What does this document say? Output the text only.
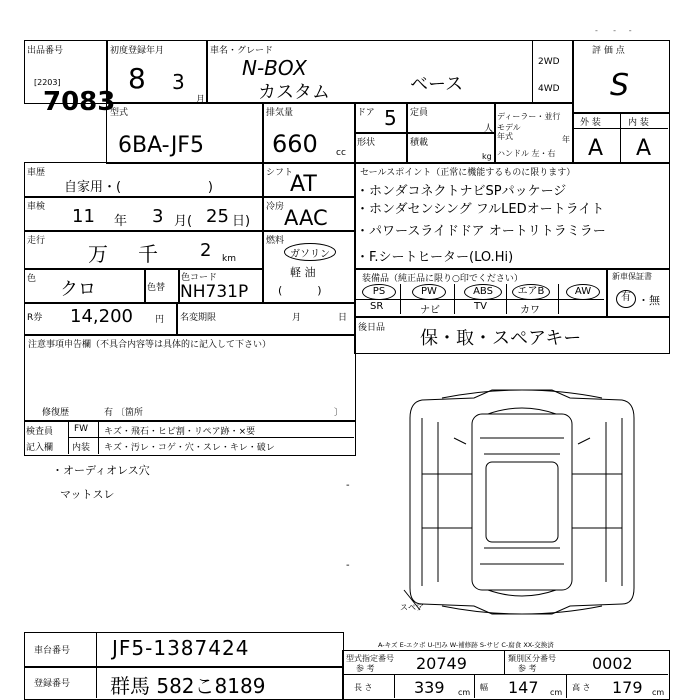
出品番号
[2203]
7083
初度登録年月
8 3
月
車名・グレード
N-BOX
カスタム	ベース
2WD
4WD
評 価 点
S
-      -     -
型式
6BA-JF5
排気量
660 cc
ドア 5
形状
定員
人
積載
kg
ディーラー・並行
モデル
年式	年
ハンドル 左・右
外 装	内 装
A A
車歴
自家用・(                     )
シフト
AT
車検 11 年 3 月( 25 日)
冷房 AAC
走行
万 千 2 km
燃料
ガソリン
軽 油
(          )
色 クロ	色替
色コード
NH731P
R券 14,200 円 名変期限	月	日
セールスポイント（正常に機能するものに限ります）
・ホンダコネクトナビSPパッケージ
・ホンダセンシング フルLEDオートライト
・パワースライドドア オートリトラミラー
・F.シートヒーター(LO.Hi)
装備品（純正品に限り○印でください）
PS	PW	ABS	エアB	AW
SR	ナビ	TV	カワ
新車保証書
有 ・無
後日品 保・取・スペアキー
注意事項申告欄（不具合内容等は具体的に記入して下さい）
修復歴	有 〔箇所	〕
検査員
記入欄
FW キズ・飛石・ヒビ割・リペア跡・×要
内装 キズ・汚レ・コゲ・穴・スレ・キレ・破レ
・オーディオレス穴
マットスレ
-
-
スペア
車台番号 JF5-1387424
登録番号 群馬 582こ8189
A-キズ E-エクボ U-凹み W-補修跡 S-サビ C-腐食 XX-交換済
型式指定番号
参 考	20749	類別区分番号
参 考	0002
長 さ	339 cm
幅 147 cm
高 さ 179 cm
